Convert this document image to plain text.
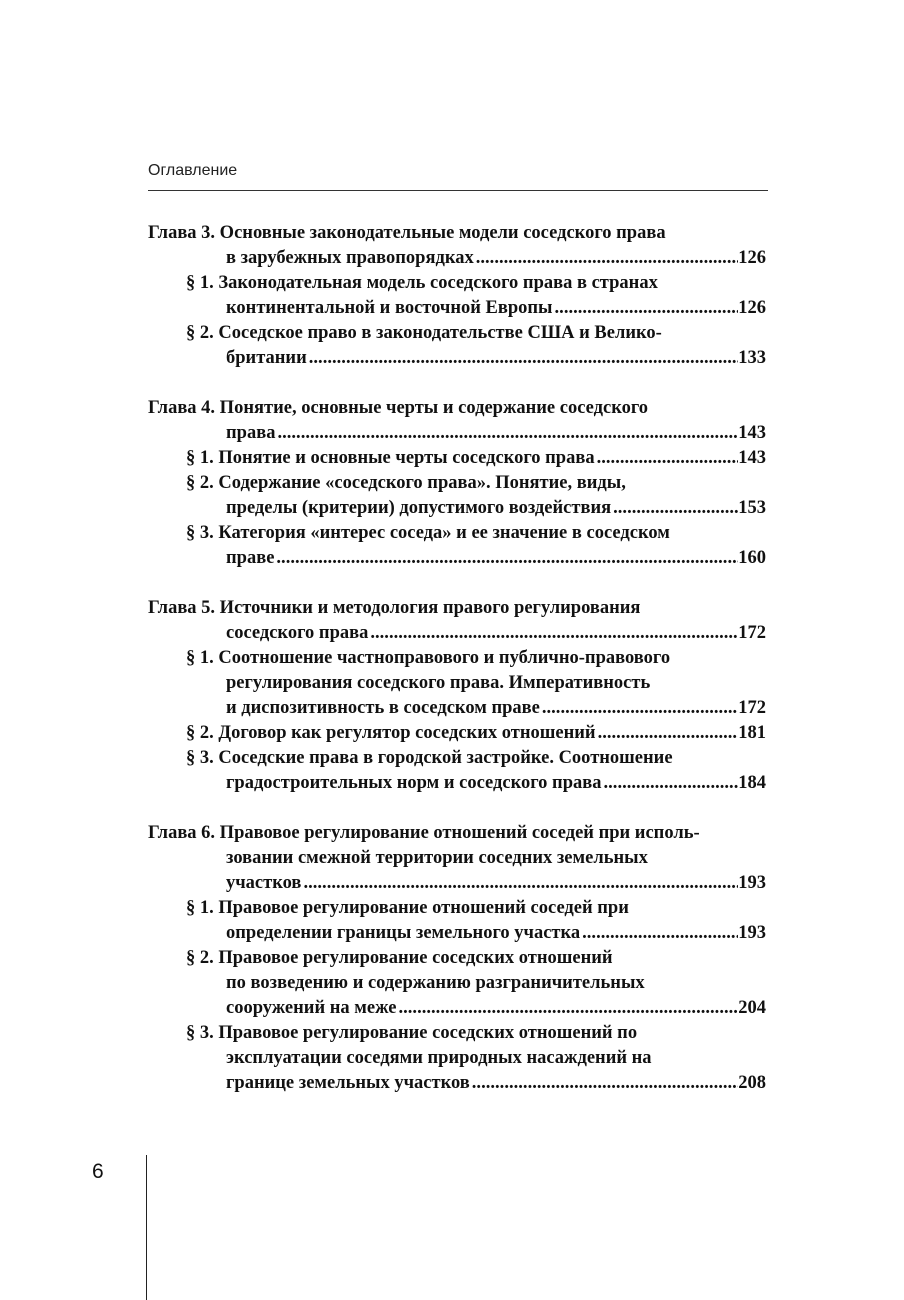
Оглавление
Глава 3. Основные законодательные модели соседского права
в зарубежных правопорядках . . .	126
§ 1. Законодательная модель соседского права в странах
континентальной и восточной Европы . . .	126
§ 2. Соседское право в законодательстве США и Велико-
британии . . .	133
Глава 4. Понятие, основные черты и содержание соседского
права . . .	143
§ 1. Понятие и основные черты соседского права . . .	143
§ 2. Содержание «соседского права». Понятие, виды,
пределы (критерии) допустимого воздействия . . .	153
§ 3. Категория «интерес соседа» и ее значение в соседском
праве . . .	160
Глава 5. Источники и методология правого регулирования
соседского права . . .	172
§ 1. Соотношение частноправового и публично-правового
регулирования соседского права. Императивность
и диспозитивность в соседском праве . . .	172
§ 2. Договор как регулятор соседских отношений . . .	181
§ 3. Соседские права в городской застройке. Соотношение
градостроительных норм и соседского права . . .	184
Глава 6. Правовое регулирование отношений соседей при исполь-
зовании смежной территории соседних земельных
участков . . .	193
§ 1. Правовое регулирование отношений соседей при
определении границы земельного участка . . .	193
§ 2. Правовое регулирование соседских отношений
по возведению и содержанию разграничительных
сооружений на меже . . .	204
§ 3. Правовое регулирование соседских отношений по
эксплуатации соседями природных насаждений на
границе земельных участков . . .	208
6
